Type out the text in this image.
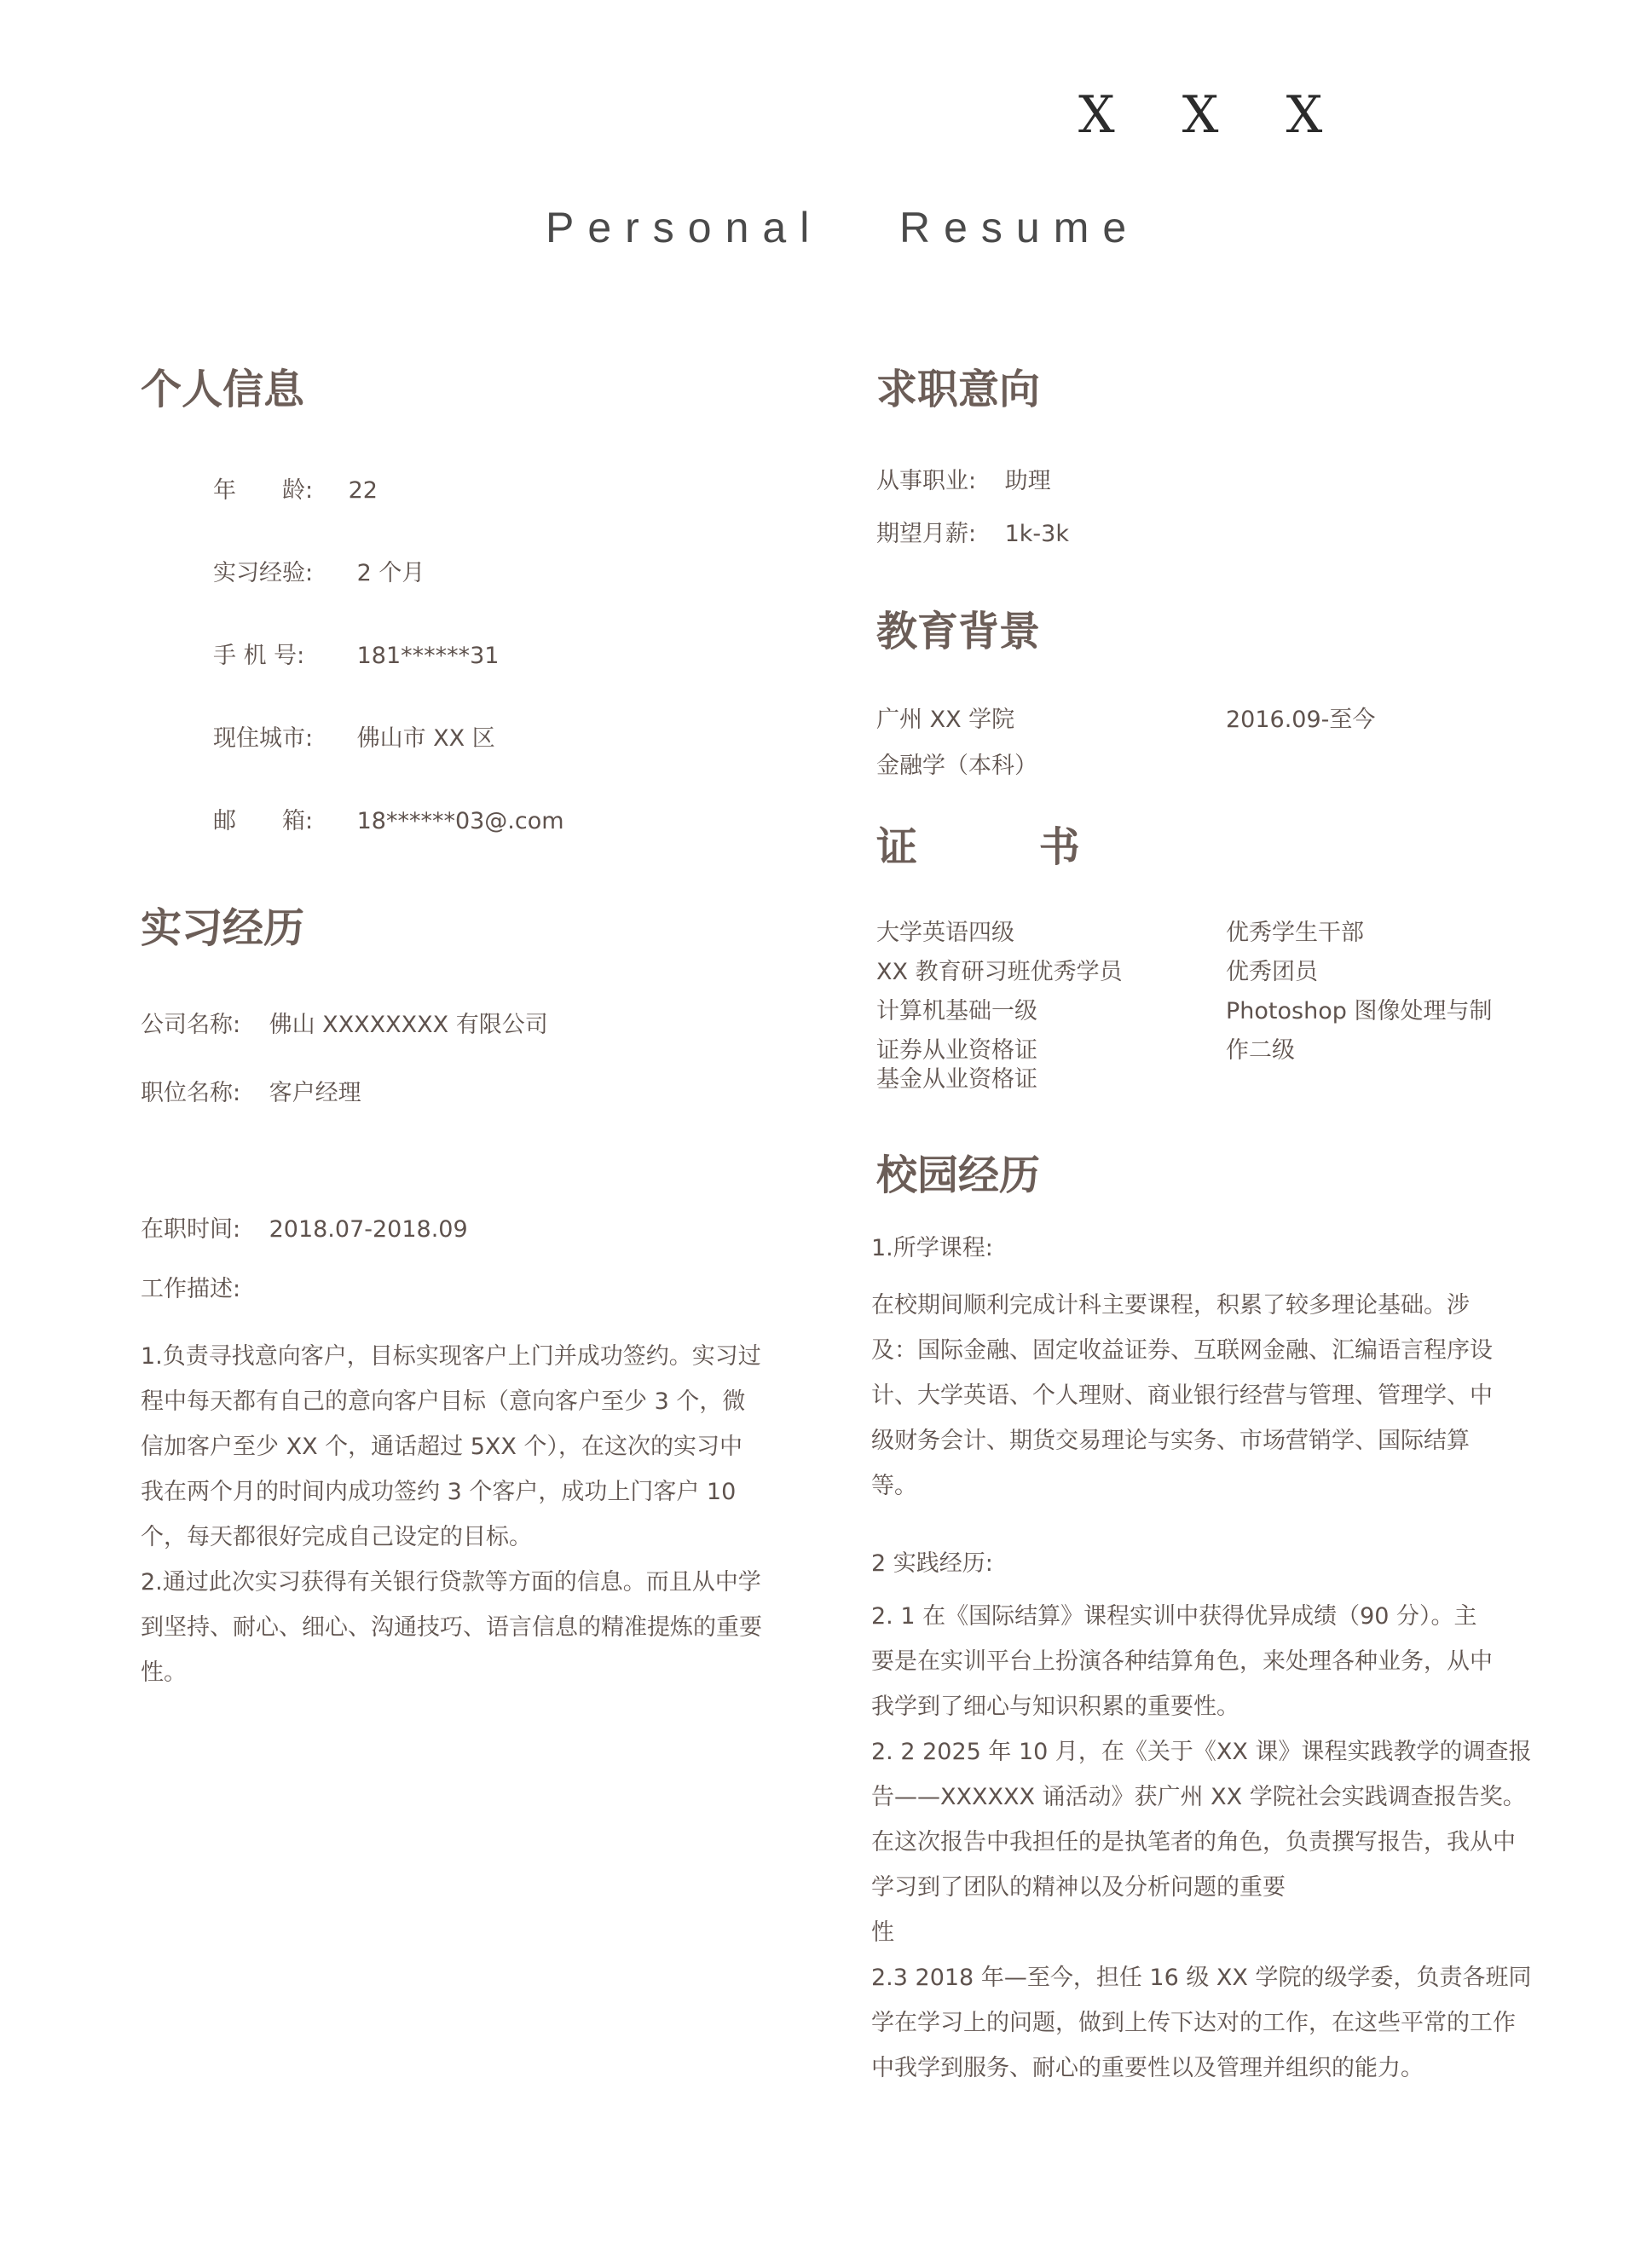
X X X
Personal   Resume
个人信息
年　　龄: 22
实习经验: 2 个月
手 机 号: 181******31
现住城市: 佛山市 XX 区
邮　　箱: 18******03@.com
实习经历
公司名称: 佛山 XXXXXXXX 有限公司
职位名称: 客户经理
在职时间: 2018.07-2018.09
工作描述:
1.负责寻找意向客户，目标实现客户上门并成功签约。实习过
程中每天都有自己的意向客户目标（意向客户至少 3 个，微
信加客户至少 XX 个，通话超过 5XX 个），在这次的实习中
我在两个月的时间内成功签约 3 个客户，成功上门客户 10
个，每天都很好完成自己设定的目标。
2.通过此次实习获得有关银行贷款等方面的信息。而且从中学
到坚持、耐心、细心、沟通技巧、语言信息的精准提炼的重要
性。
求职意向
从事职业: 助理
期望月薪: 1k-3k
教育背景
广州 XX 学院	2016.09-至今
金融学（本科）
证	书
大学英语四级
XX 教育研习班优秀学员
计算机基础一级
证券从业资格证
基金从业资格证
优秀学生干部
优秀团员
Photoshop 图像处理与制
作二级
校园经历
1.所学课程:
在校期间顺利完成计科主要课程，积累了较多理论基础。涉
及：国际金融、固定收益证券、互联网金融、汇编语言程序设
计、大学英语、个人理财、商业银行经营与管理、管理学、中
级财务会计、期货交易理论与实务、市场营销学、国际结算
等。
2 实践经历:
2. 1 在《国际结算》课程实训中获得优异成绩（90 分）。主
要是在实训平台上扮演各种结算角色，来处理各种业务，从中
我学到了细心与知识积累的重要性。
2. 2 2025 年 10 月，在《关于《XX 课》课程实践教学的调查报
告——XXXXXX 诵活动》获广州 XX 学院社会实践调查报告奖。
在这次报告中我担任的是执笔者的角色，负责撰写报告，我从中
学习到了团队的精神以及分析问题的重要
性
2.3 2018 年—至今，担任 16 级 XX 学院的级学委，负责各班同
学在学习上的问题，做到上传下达对的工作，在这些平常的工作
中我学到服务、耐心的重要性以及管理并组织的能力。
